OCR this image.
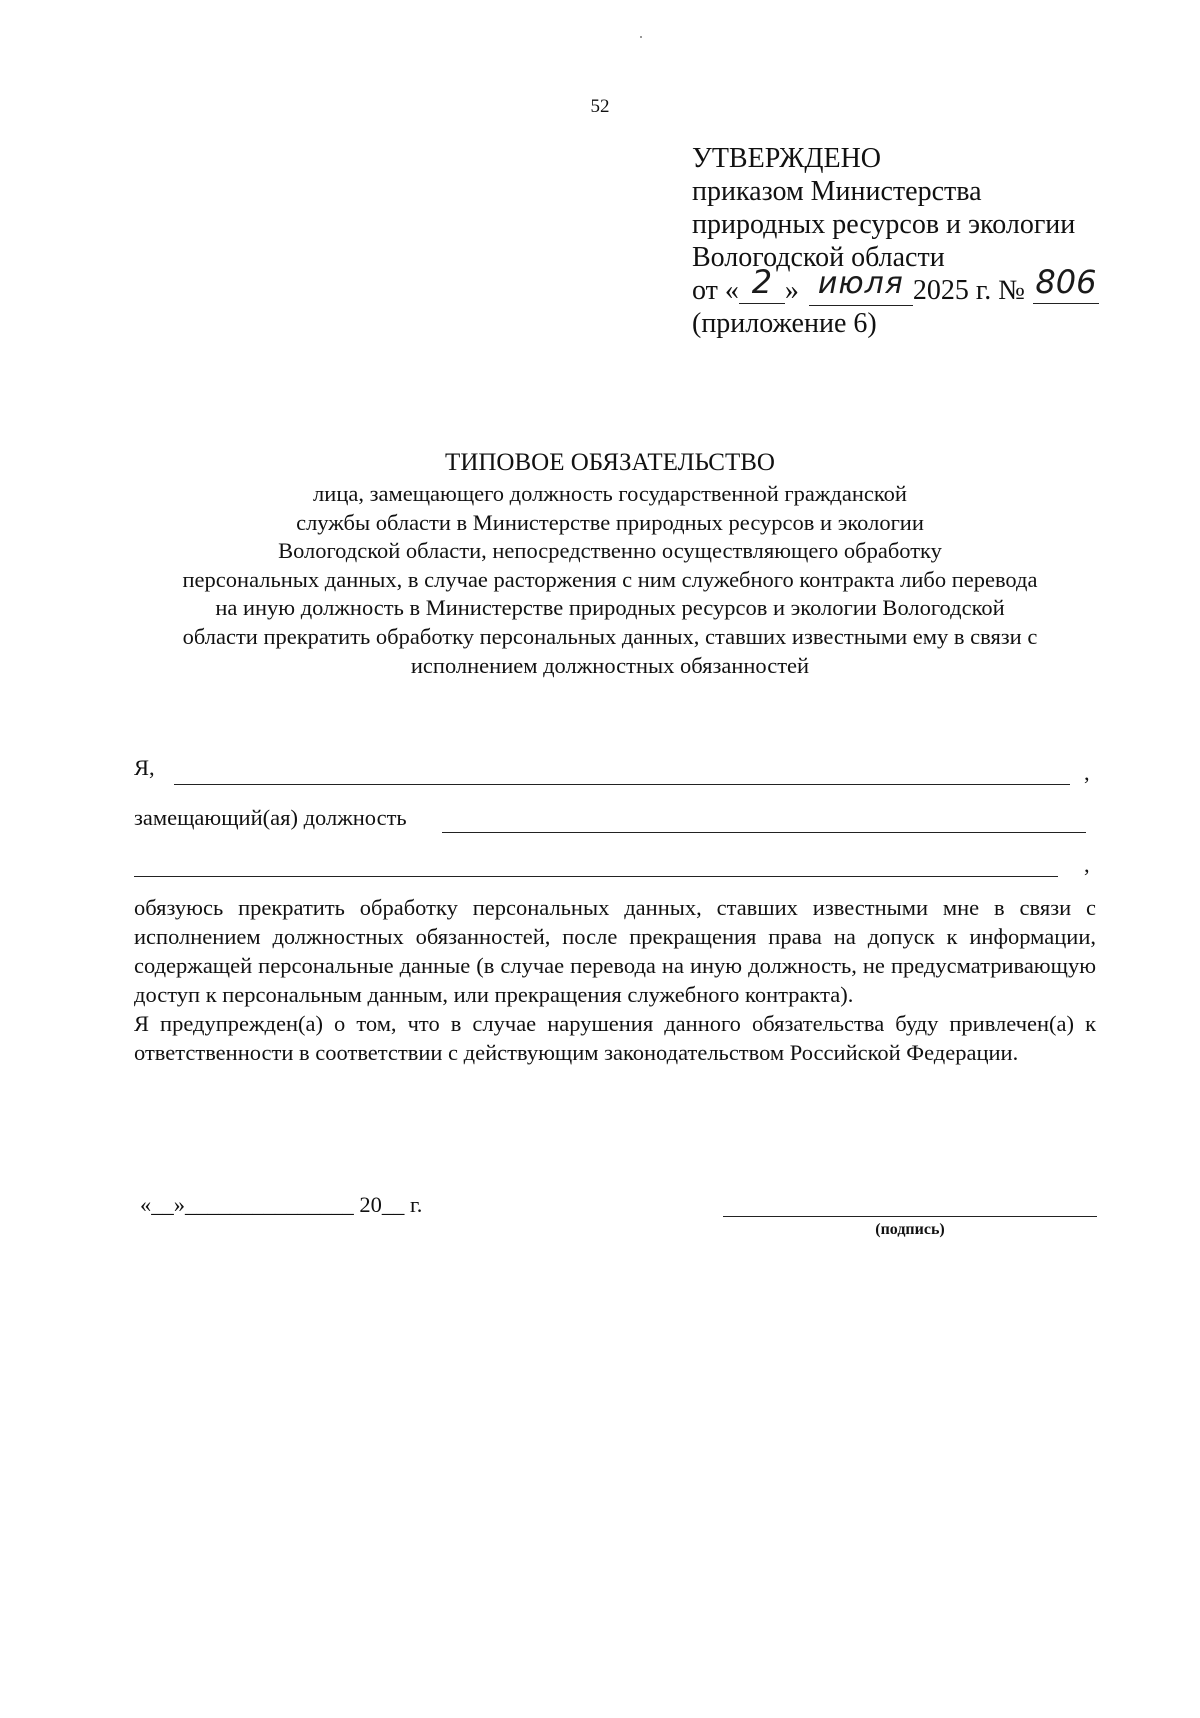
52
УТВЕРЖДЕНО
приказом Министерства
природных ресурсов и экологии
Вологодской области
от « 2 » июля 2025 г. № 806
(приложение 6)
ТИПОВОЕ ОБЯЗАТЕЛЬСТВО
лица, замещающего должность государственной гражданской
службы области в Министерстве природных ресурсов и экологии
Вологодской области, непосредственно осуществляющего обработку
персональных данных, в случае расторжения с ним служебного контракта либо перевода
на иную должность в Министерстве природных ресурсов и экологии Вологодской
области прекратить обработку персональных данных, ставших известными ему в связи с
исполнением должностных обязанностей
Я,	,
замещающий(ая) должность
,

обязуюсь прекратить обработку персональных данных, ставших известными мне в связи с исполнением должностных обязанностей, после прекращения права на допуск к информации, содержащей персональные данные (в случае перевода на иную должность, не предусматривающую доступ к персональным данным, или прекращения служебного контракта).

Я предупрежден(а) о том, что в случае нарушения данного обязательства буду привлечен(а) к ответственности в соответствии с действующим законодательством Российской Федерации.

«__»_______________ 20__ г.
(подпись)
